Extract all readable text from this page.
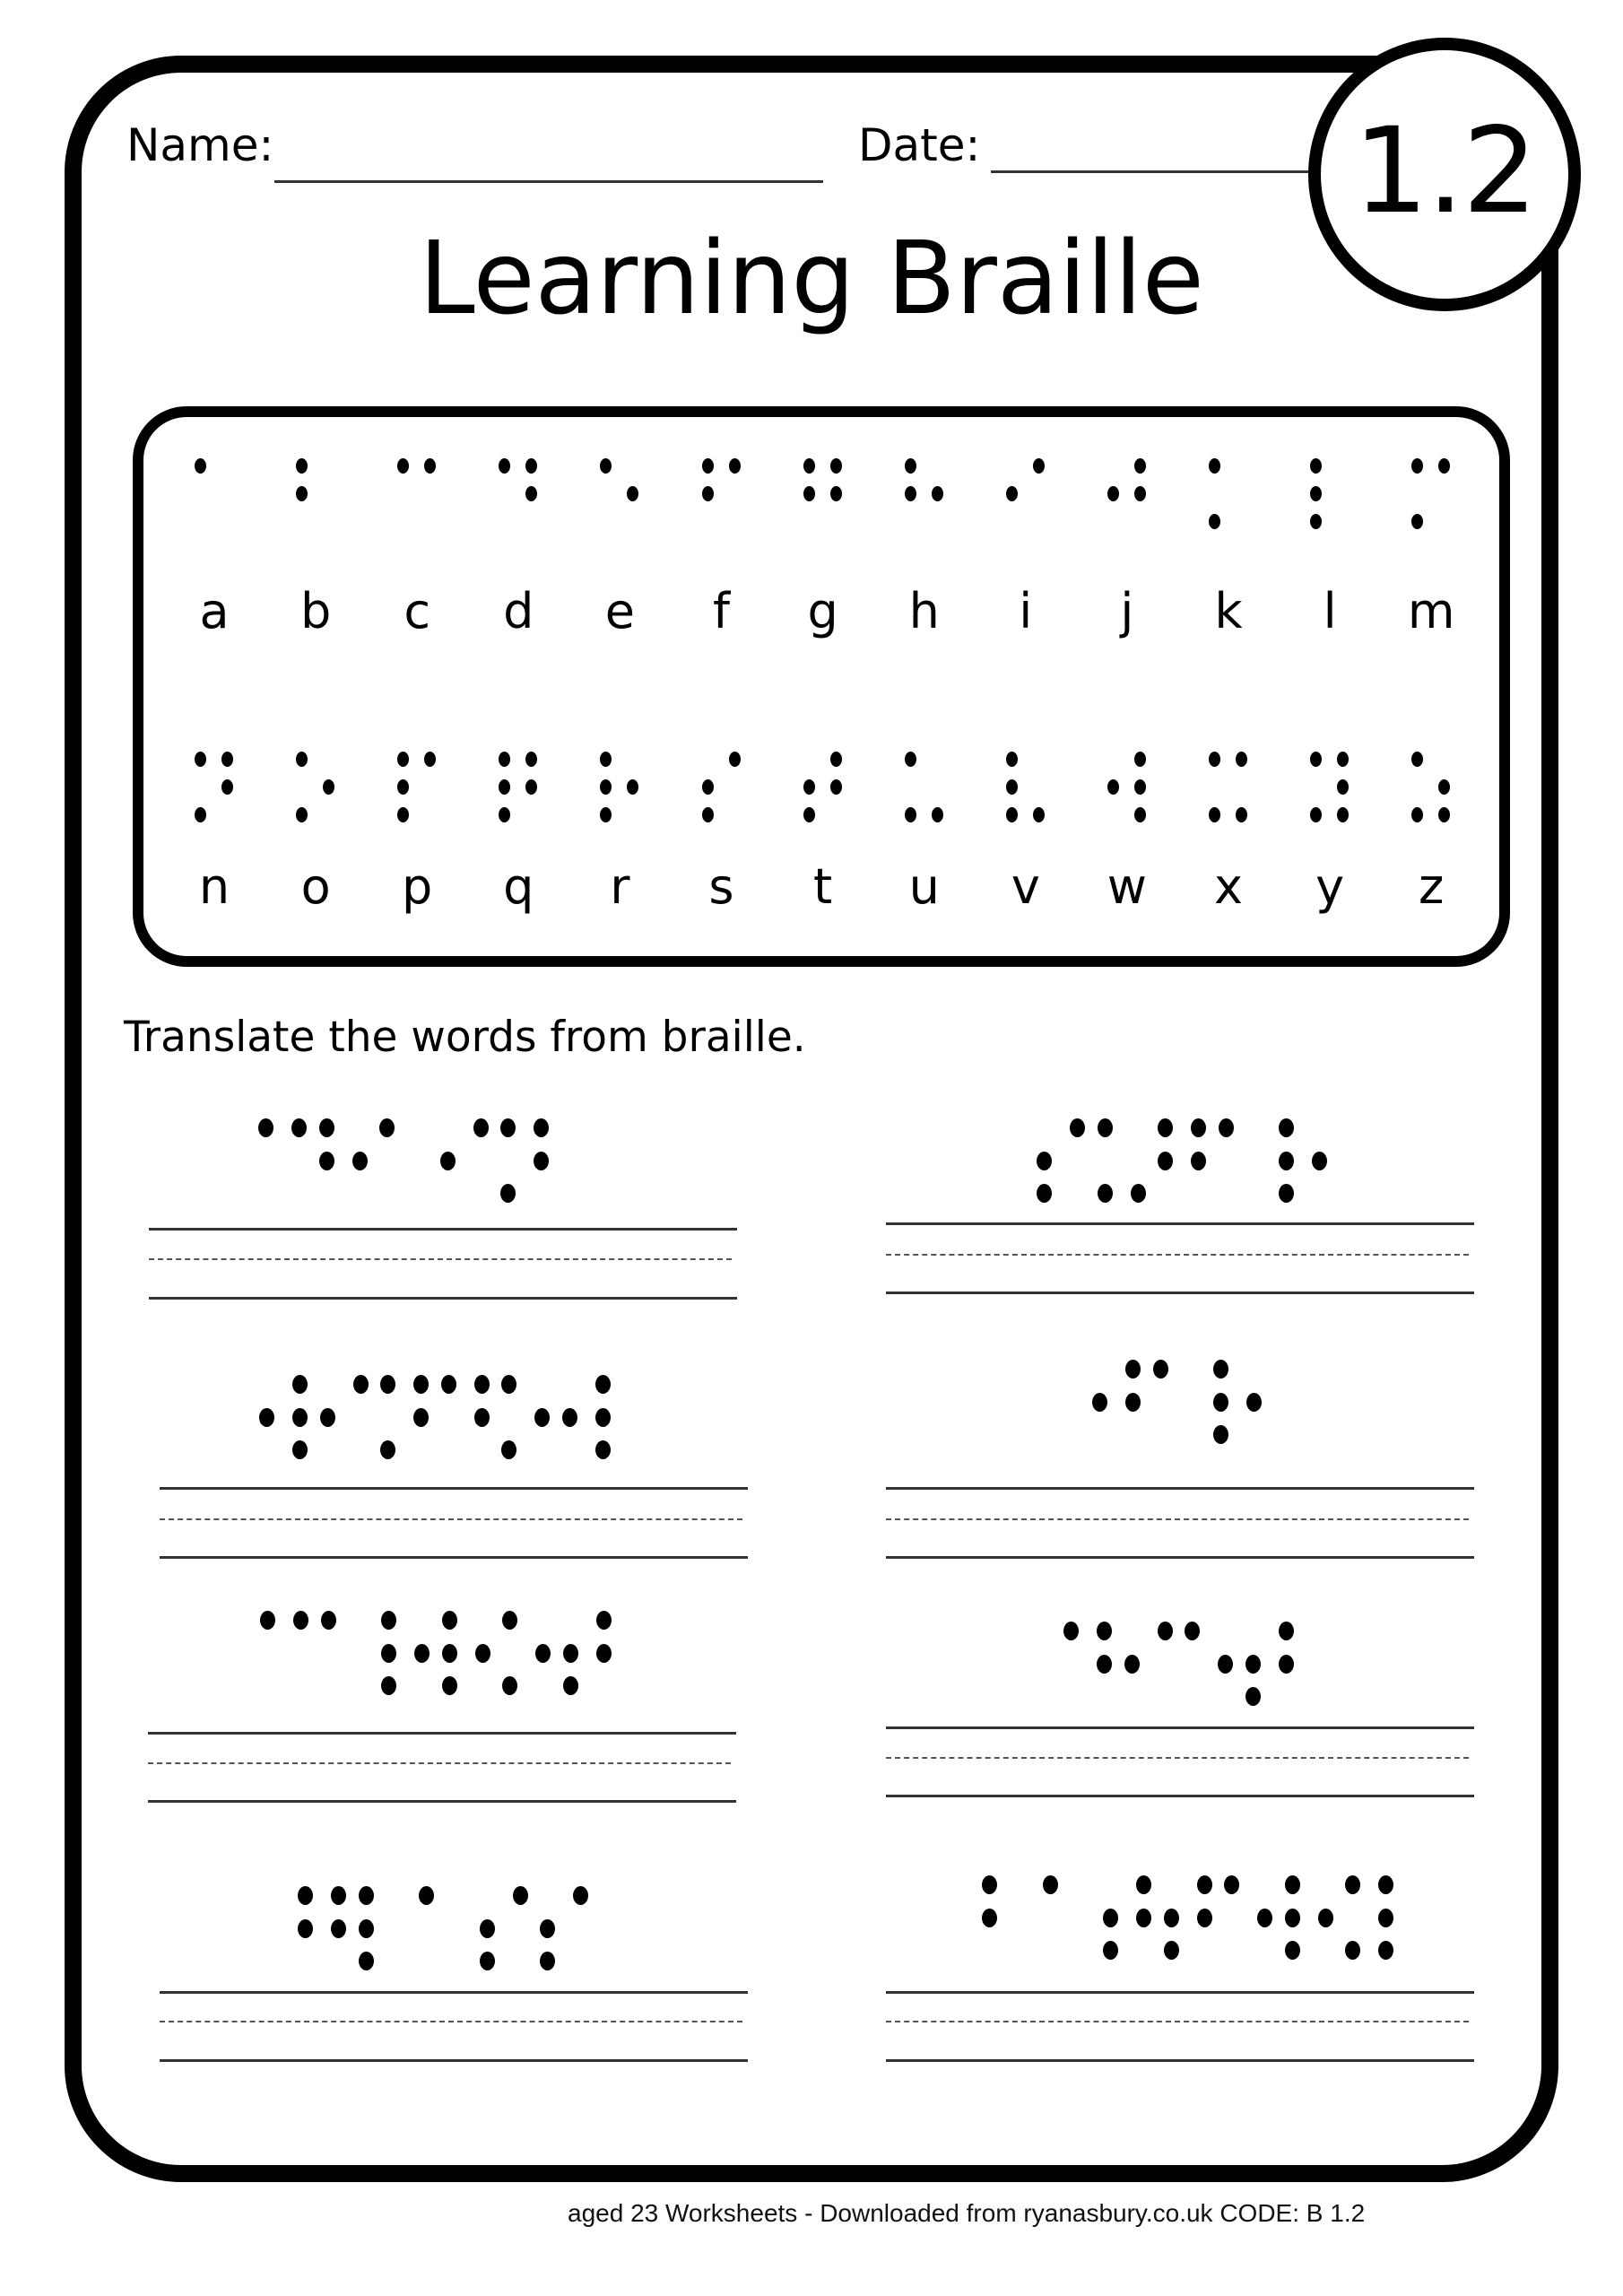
Name:	Date:	1.2
Learning Braille
a	b	c	d	e	f	g	h	i	j	k	l	m
n	o	p	q	r	s	t	u	v	w	x	y	z
Translate the words from braille.
aged 23 Worksheets - Downloaded from ryanasbury.co.uk CODE: B 1.2
